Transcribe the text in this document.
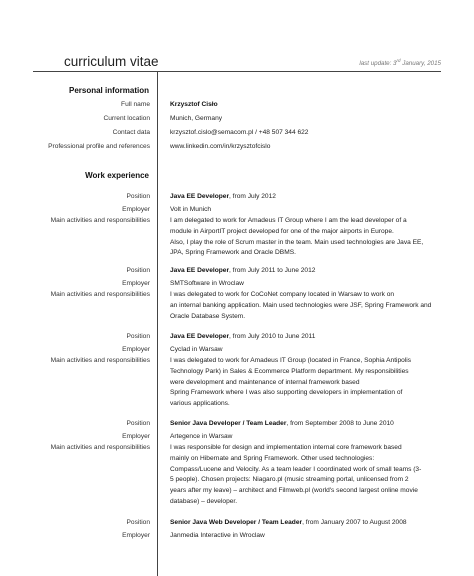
curriculum vitae	last update: 3rd January, 2015
Personal information
Full name	Krzysztof Cisło
Current location	Munich, Germany
Contact data	krzysztof.cislo@semacom.pl / +48 507 344 622
Professional profile and references	www.linkedin.com/in/krzysztofcislo
Work experience
Position	Java EE Developer, from July 2012
Employer	Volt in Munich
Main activities and responsibilities	I am delegated to work for Amadeus IT Group where I am the lead developer of a
module in AirportIT project developed for one of the major airports in Europe.
Also, I play the role of Scrum master in the team. Main used technologies are Java EE,
JPA, Spring Framework and Oracle DBMS.
Position	Java EE Developer, from July 2011 to June 2012
Employer	SMTSoftware in Wroclaw
Main activities and responsibilities	I was delegated to work for CoCoNet company located in Warsaw to work on
an internal banking application. Main used technologies were JSF, Spring Framework and
Oracle Database System.
Position	Java EE Developer, from July 2010 to June 2011
Employer	Cyclad in Warsaw
Main activities and responsibilities	I was delegated to work for Amadeus IT Group (located in France, Sophia Antipolis
Technology Park) in Sales & Ecommerce Platform department. My responsibilities
were development and maintenance of internal framework based
Spring Framework where I was also supporting developers in implementation of
various applications.
Position	Senior Java Developer / Team Leader, from September 2008 to June 2010
Employer	Artegence in Warsaw
Main activities and responsibilities	I was responsible for design and implementation internal core framework based
mainly on Hibernate and Spring Framework. Other used technologies:
Compass/Lucene and Velocity. As a team leader I coordinated work of small teams (3-
5 people). Chosen projects: Niagaro.pl (music streaming portal, unlicensed from 2
years after my leave) – architect and Filmweb.pl (world's second largest online movie
database) – developer.
Position	Senior Java Web Developer / Team Leader, from January 2007 to August 2008
Employer	Janmedia Interactive in Wroclaw
